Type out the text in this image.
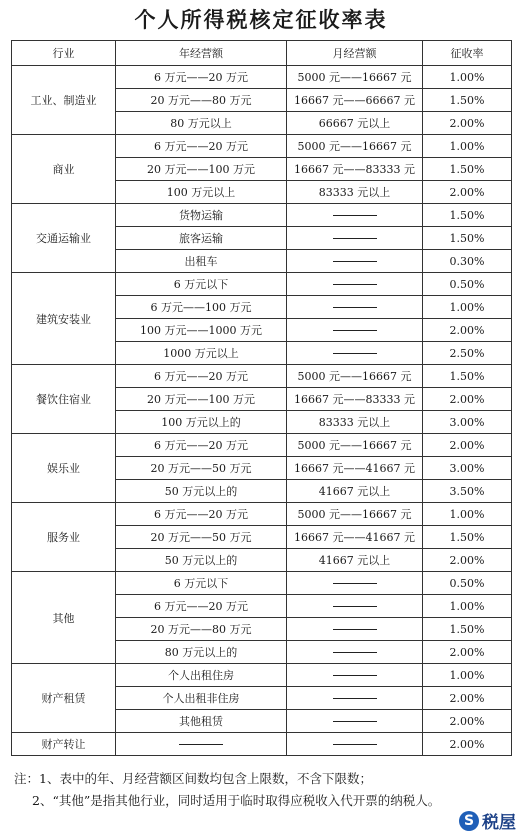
个人所得税核定征收率表
行业	年经营额	月经营额	征收率
工业、制造业	6 万元——20 万元	5000 元——16667 元	1.00%
	20 万元——80 万元	16667 元——66667 元	1.50%
	80 万元以上	66667 元以上	2.00%
商业	6 万元——20 万元	5000 元——16667 元	1.00%
	20 万元——100 万元	16667 元——83333 元	1.50%
	100 万元以上	83333 元以上	2.00%
交通运输业	货物运输		1.50%
	旅客运输		1.50%
	出租车		0.30%
建筑安装业	6 万元以下		0.50%
	6 万元——100 万元		1.00%
	100 万元——1000 万元		2.00%
	1000 万元以上		2.50%
餐饮住宿业	6 万元——20 万元	5000 元——16667 元	1.50%
	20 万元——100 万元	16667 元——83333 元	2.00%
	100 万元以上的	83333 元以上	3.00%
娱乐业	6 万元——20 万元	5000 元——16667 元	2.00%
	20 万元——50 万元	16667 元——41667 元	3.00%
	50 万元以上的	41667 元以上	3.50%
服务业	6 万元——20 万元	5000 元——16667 元	1.00%
	20 万元——50 万元	16667 元——41667 元	1.50%
	50 万元以上的	41667 元以上	2.00%
其他	6 万元以下		0.50%
	6 万元——20 万元		1.00%
	20 万元——80 万元		1.50%
	80 万元以上的		2.00%
财产租赁	个人出租住房		1.00%
	个人出租非住房		2.00%
	其他租赁		2.00%
财产转让			2.00%
注：1、表中的年、月经营额区间数均包含上限数，不含下限数；
2、“其他”是指其他行业，同时适用于临时取得应税收入代开票的纳税人。
S 税屋
